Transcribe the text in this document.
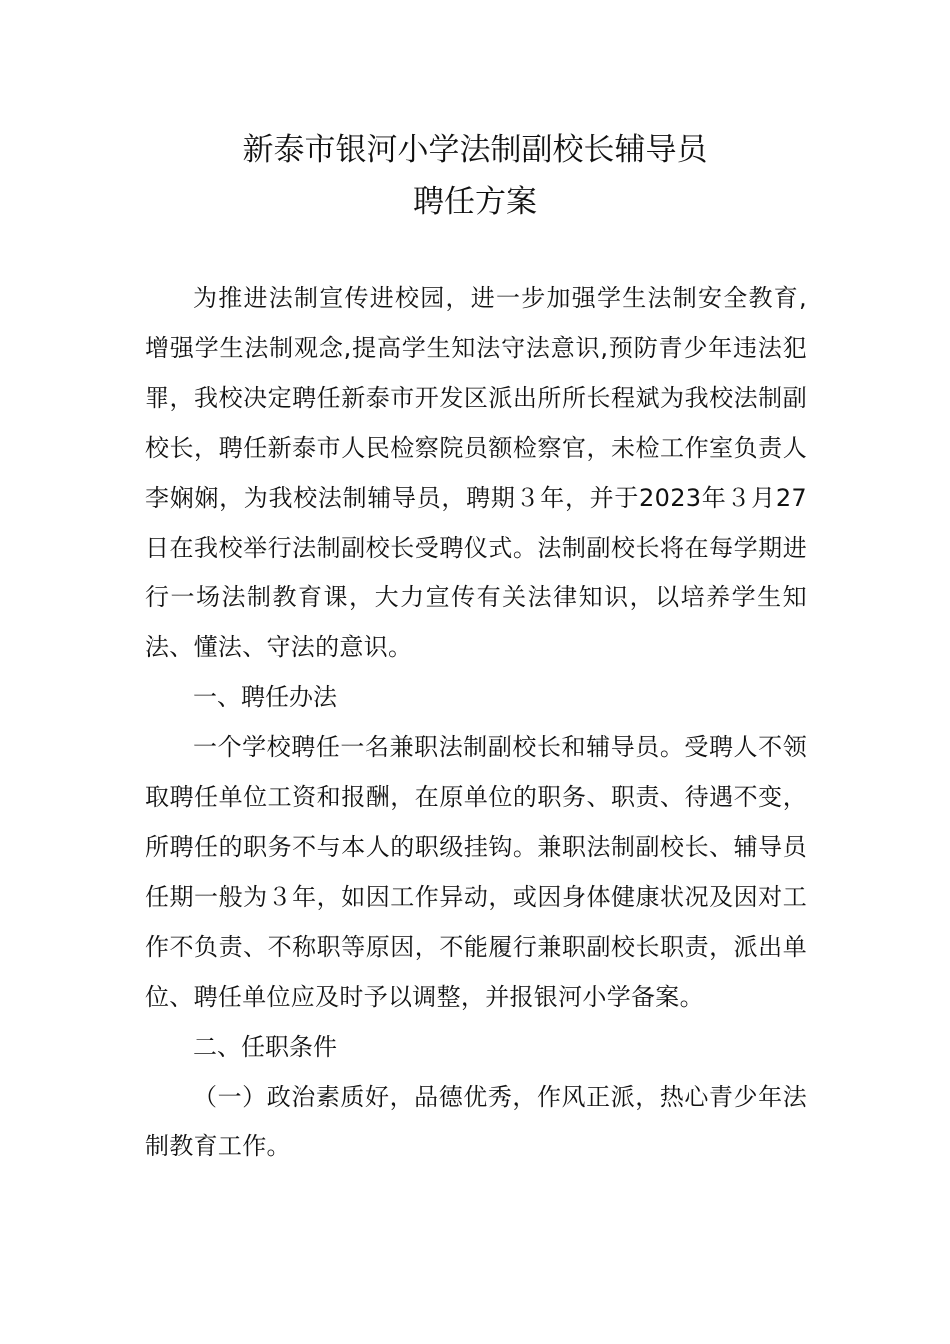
新泰市银河小学法制副校长辅导员
聘任方案

为推进法制宣传进校园，进一步加强学生法制安全教育,增强学生法制观念,提高学生知法守法意识,预防青少年违法犯罪，我校决定聘任新泰市开发区派出所所长程斌为我校法制副校长，聘任新泰市人民检察院员额检察官，未检工作室负责人李娴娴，为我校法制辅导员，聘期３年，并于2023年３月27日在我校举行法制副校长受聘仪式。法制副校长将在每学期进行一场法制教育课，大力宣传有关法律知识，以培养学生知法、懂法、守法的意识。

一、聘任办法

一个学校聘任一名兼职法制副校长和辅导员。受聘人不领取聘任单位工资和报酬，在原单位的职务、职责、待遇不变，所聘任的职务不与本人的职级挂钩。兼职法制副校长、辅导员任期一般为３年，如因工作异动，或因身体健康状况及因对工作不负责、不称职等原因，不能履行兼职副校长职责，派出单位、聘任单位应及时予以调整，并报银河小学备案。

二、任职条件

（一）政治素质好，品德优秀，作风正派，热心青少年法制教育工作。
